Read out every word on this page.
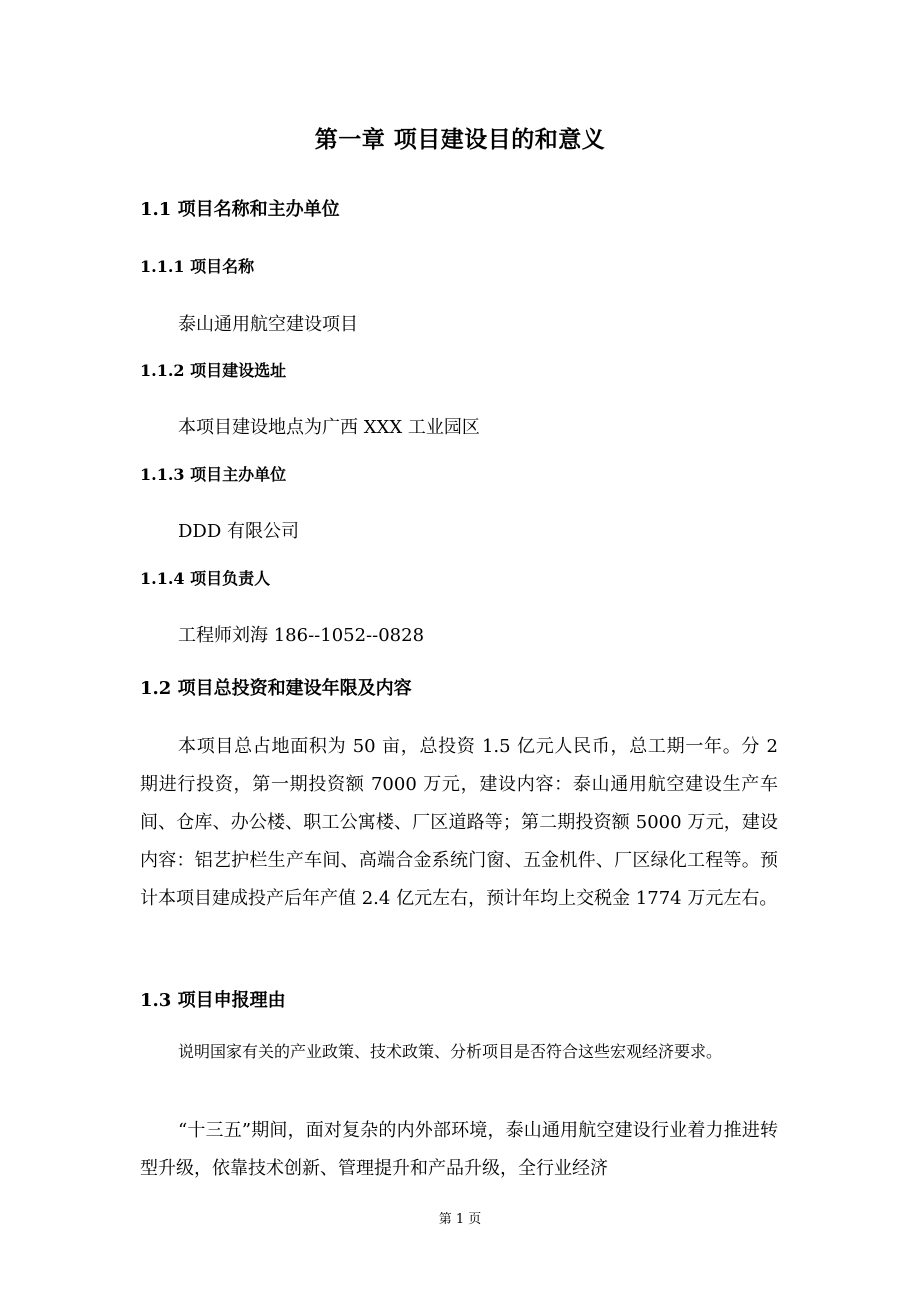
第一章 项目建设目的和意义
1.1 项目名称和主办单位
1.1.1 项目名称
泰山通用航空建设项目
1.1.2 项目建设选址
本项目建设地点为广西 XXX 工业园区
1.1.3 项目主办单位
DDD 有限公司
1.1.4 项目负责人
工程师刘海 186--1052--0828
1.2 项目总投资和建设年限及内容
本项目总占地面积为 50 亩，总投资 1.5 亿元人民币，总工期一年。分 2 期进行投资，第一期投资额 7000 万元，建设内容：泰山通用航空建设生产车间、仓库、办公楼、职工公寓楼、厂区道路等；第二期投资额 5000 万元，建设内容：铝艺护栏生产车间、高端合金系统门窗、五金机件、厂区绿化工程等。预计本项目建成投产后年产值 2.4 亿元左右，预计年均上交税金 1774 万元左右。
1.3 项目申报理由
说明国家有关的产业政策、技术政策、分析项目是否符合这些宏观经济要求。
“十三五”期间，面对复杂的内外部环境，泰山通用航空建设行业着力推进转型升级，依靠技术创新、管理提升和产品升级，全行业经济
第 1 页
